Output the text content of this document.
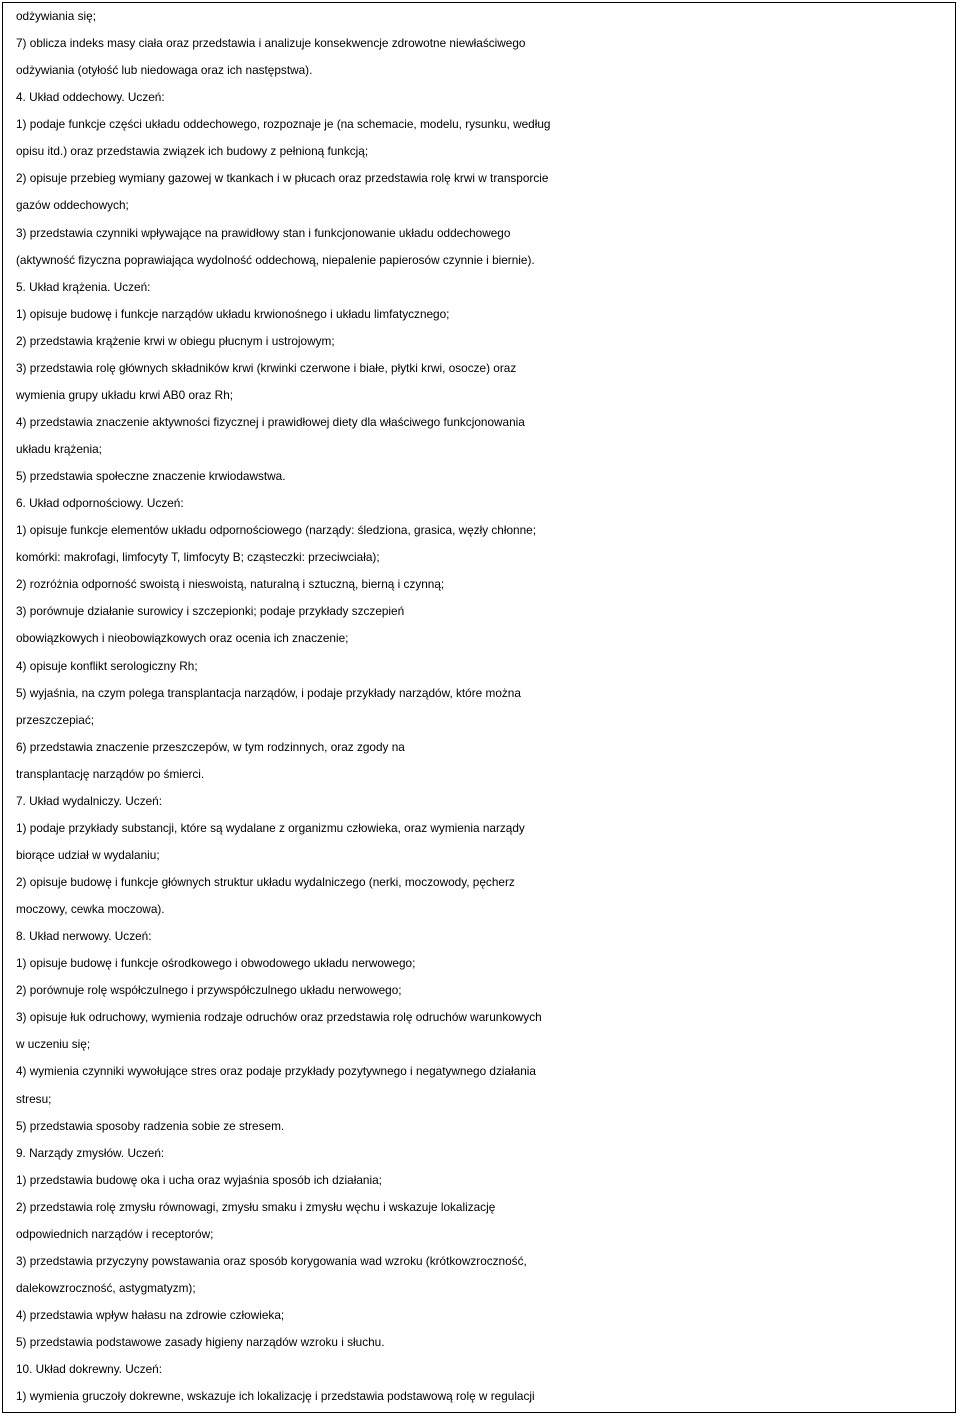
odżywiania się;
7) oblicza indeks masy ciała oraz przedstawia i analizuje konsekwencje zdrowotne niewłaściwego
odżywiania (otyłość lub niedowaga oraz ich następstwa).
4. Układ oddechowy. Uczeń:
1) podaje funkcje części układu oddechowego, rozpoznaje je (na schemacie, modelu, rysunku, według
opisu itd.) oraz przedstawia związek ich budowy z pełnioną funkcją;
2) opisuje przebieg wymiany gazowej w tkankach i w płucach oraz przedstawia rolę krwi w transporcie
gazów oddechowych;
3) przedstawia czynniki wpływające na prawidłowy stan i funkcjonowanie układu oddechowego
(aktywność fizyczna poprawiająca wydolność oddechową, niepalenie papierosów czynnie i biernie).
5. Układ krążenia. Uczeń:
1) opisuje budowę i funkcje narządów układu krwionośnego i układu limfatycznego;
2) przedstawia krążenie krwi w obiegu płucnym i ustrojowym;
3) przedstawia rolę głównych składników krwi (krwinki czerwone i białe, płytki krwi, osocze) oraz
wymienia grupy układu krwi AB0 oraz Rh;
4) przedstawia znaczenie aktywności fizycznej i prawidłowej diety dla właściwego funkcjonowania
układu krążenia;
5) przedstawia społeczne znaczenie krwiodawstwa.
6. Układ odpornościowy. Uczeń:
1) opisuje funkcje elementów układu odpornościowego (narządy: śledziona, grasica, węzły chłonne;
komórki: makrofagi, limfocyty T, limfocyty B; cząsteczki: przeciwciała);
2) rozróżnia odporność swoistą i nieswoistą, naturalną i sztuczną, bierną i czynną;
3) porównuje działanie surowicy i szczepionki; podaje przykłady szczepień
obowiązkowych i nieobowiązkowych oraz ocenia ich znaczenie;
4) opisuje konflikt serologiczny Rh;
5) wyjaśnia, na czym polega transplantacja narządów, i podaje przykłady narządów, które można
przeszczepiać;
6) przedstawia znaczenie przeszczepów, w tym rodzinnych, oraz zgody na
transplantację narządów po śmierci.
7. Układ wydalniczy. Uczeń:
1) podaje przykłady substancji, które są wydalane z organizmu człowieka, oraz wymienia narządy
biorące udział w wydalaniu;
2) opisuje budowę i funkcje głównych struktur układu wydalniczego (nerki, moczowody, pęcherz
moczowy, cewka moczowa).
8. Układ nerwowy. Uczeń:
1) opisuje budowę i funkcje ośrodkowego i obwodowego układu nerwowego;
2) porównuje rolę współczulnego i przywspółczulnego układu nerwowego;
3) opisuje łuk odruchowy, wymienia rodzaje odruchów oraz przedstawia rolę odruchów warunkowych
w uczeniu się;
4) wymienia czynniki wywołujące stres oraz podaje przykłady pozytywnego i negatywnego działania
stresu;
5) przedstawia sposoby radzenia sobie ze stresem.
9. Narządy zmysłów. Uczeń:
1) przedstawia budowę oka i ucha oraz wyjaśnia sposób ich działania;
2) przedstawia rolę zmysłu równowagi, zmysłu smaku i zmysłu węchu i wskazuje lokalizację
odpowiednich narządów i receptorów;
3) przedstawia przyczyny powstawania oraz sposób korygowania wad wzroku (krótkowzroczność,
dalekowzroczność, astygmatyzm);
4) przedstawia wpływ hałasu na zdrowie człowieka;
5) przedstawia podstawowe zasady higieny narządów wzroku i słuchu.
10. Układ dokrewny. Uczeń:
1) wymienia gruczoły dokrewne, wskazuje ich lokalizację i przedstawia podstawową rolę w regulacji
